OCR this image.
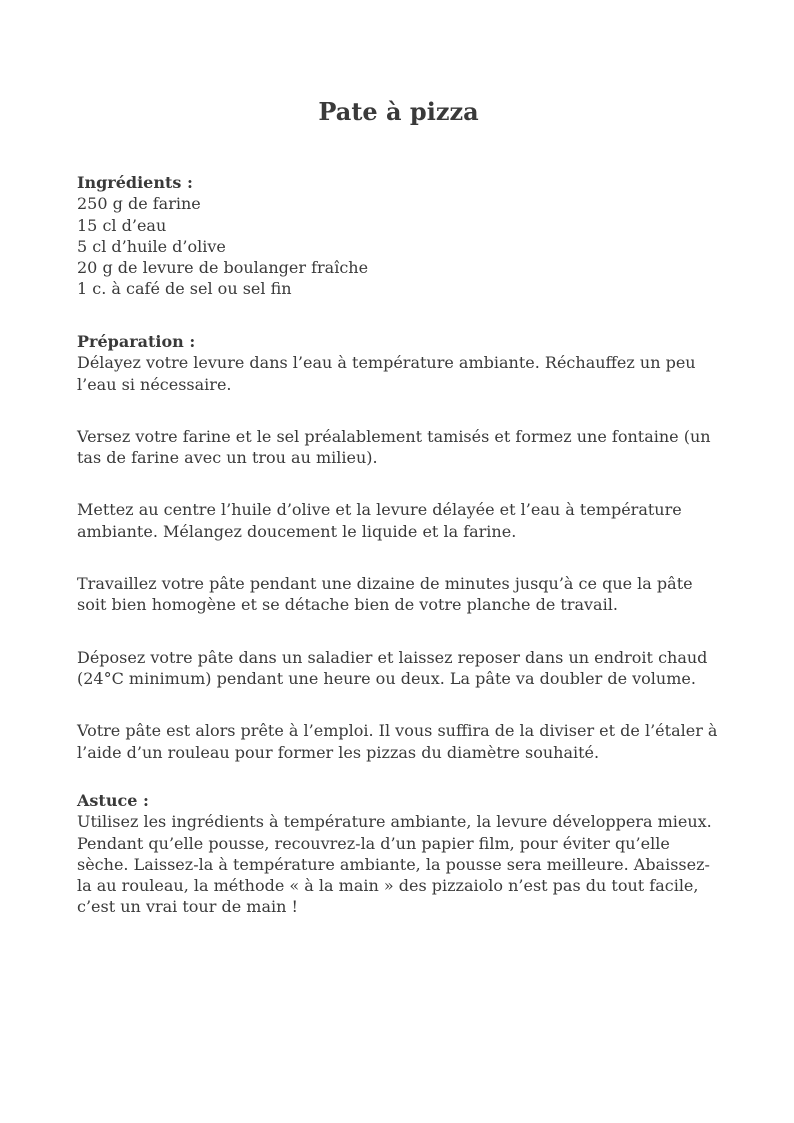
Pate à pizza

Ingrédients :

250 g de farine

15 cl d’eau

5 cl d’huile d’olive

20 g de levure de boulanger fraîche

1 c. à café de sel ou sel fin

Préparation :

Délayez votre levure dans l’eau à température ambiante. Réchauffez un peu
l’eau si nécessaire.

Versez votre farine et le sel préalablement tamisés et formez une fontaine (un
tas de farine avec un trou au milieu).

Mettez au centre l’huile d’olive et la levure délayée et l’eau à température
ambiante. Mélangez doucement le liquide et la farine.

Travaillez votre pâte pendant une dizaine de minutes jusqu’à ce que la pâte
soit bien homogène et se détache bien de votre planche de travail.

Déposez votre pâte dans un saladier et laissez reposer dans un endroit chaud
(24°C minimum) pendant une heure ou deux. La pâte va doubler de volume.

Votre pâte est alors prête à l’emploi. Il vous suffira de la diviser et de l’étaler à
l’aide d’un rouleau pour former les pizzas du diamètre souhaité.

Astuce :

Utilisez les ingrédients à température ambiante, la levure développera mieux.
Pendant qu’elle pousse, recouvrez-la d’un papier film, pour éviter qu’elle
sèche. Laissez-la à température ambiante, la pousse sera meilleure. Abaissez-
la au rouleau, la méthode « à la main » des pizzaiolo n’est pas du tout facile,
c’est un vrai tour de main !
